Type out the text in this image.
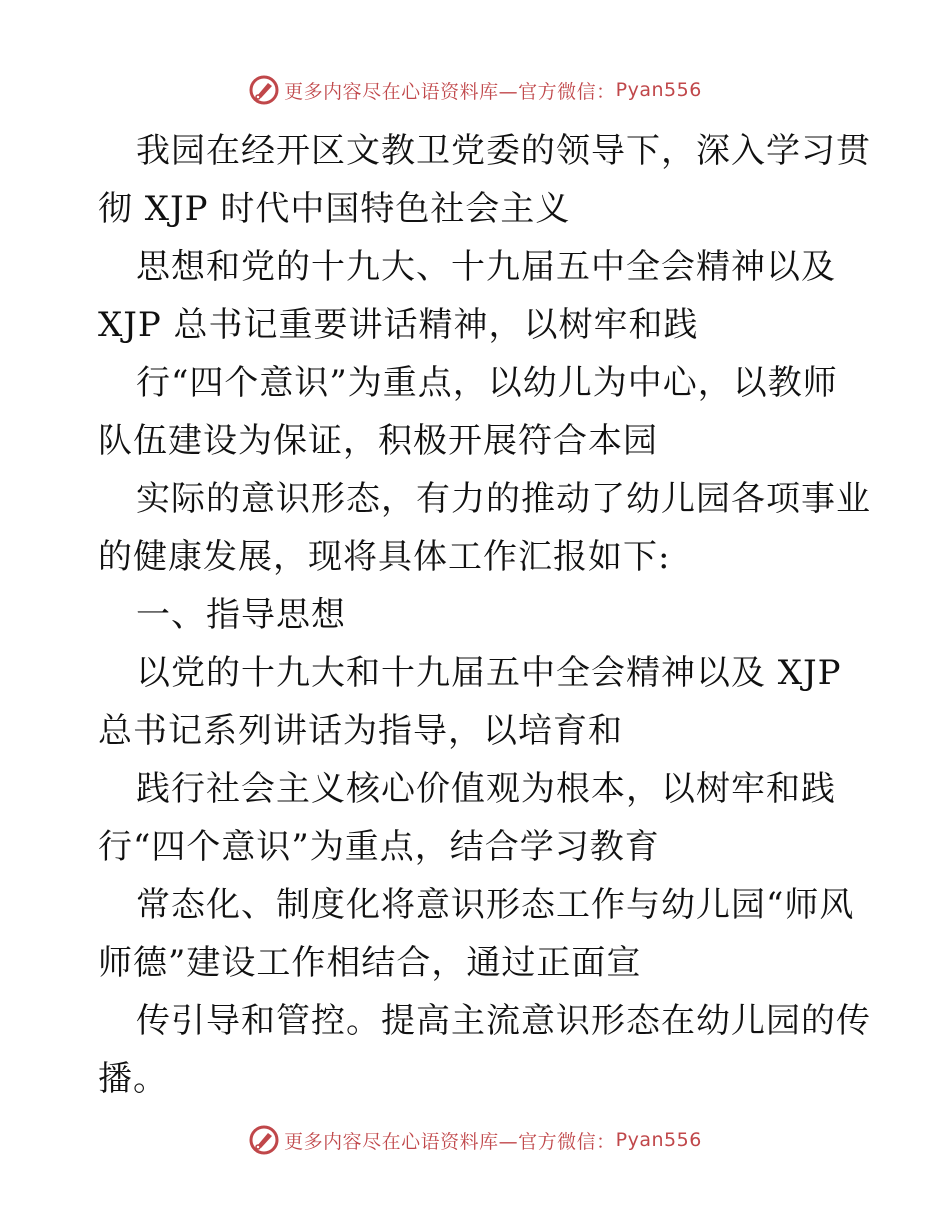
更多内容尽在心语资料库—官方微信： Pyan556
我园在经开区文教卫党委的领导下，深入学习贯
彻 XJP 时代中国特色社会主义
思想和党的十九大、十九届五中全会精神以及
XJP 总书记重要讲话精神，以树牢和践
行“四个意识”为重点，以幼儿为中心，以教师
队伍建设为保证，积极开展符合本园
实际的意识形态，有力的推动了幼儿园各项事业
的健康发展，现将具体工作汇报如下:
一、指导思想
以党的十九大和十九届五中全会精神以及 XJP
总书记系列讲话为指导，以培育和
践行社会主义核心价值观为根本，以树牢和践
行“四个意识”为重点，结合学习教育
常态化、制度化将意识形态工作与幼儿园“师风
师德”建设工作相结合，通过正面宣
传引导和管控。提高主流意识形态在幼儿园的传
播。
更多内容尽在心语资料库—官方微信： Pyan556
